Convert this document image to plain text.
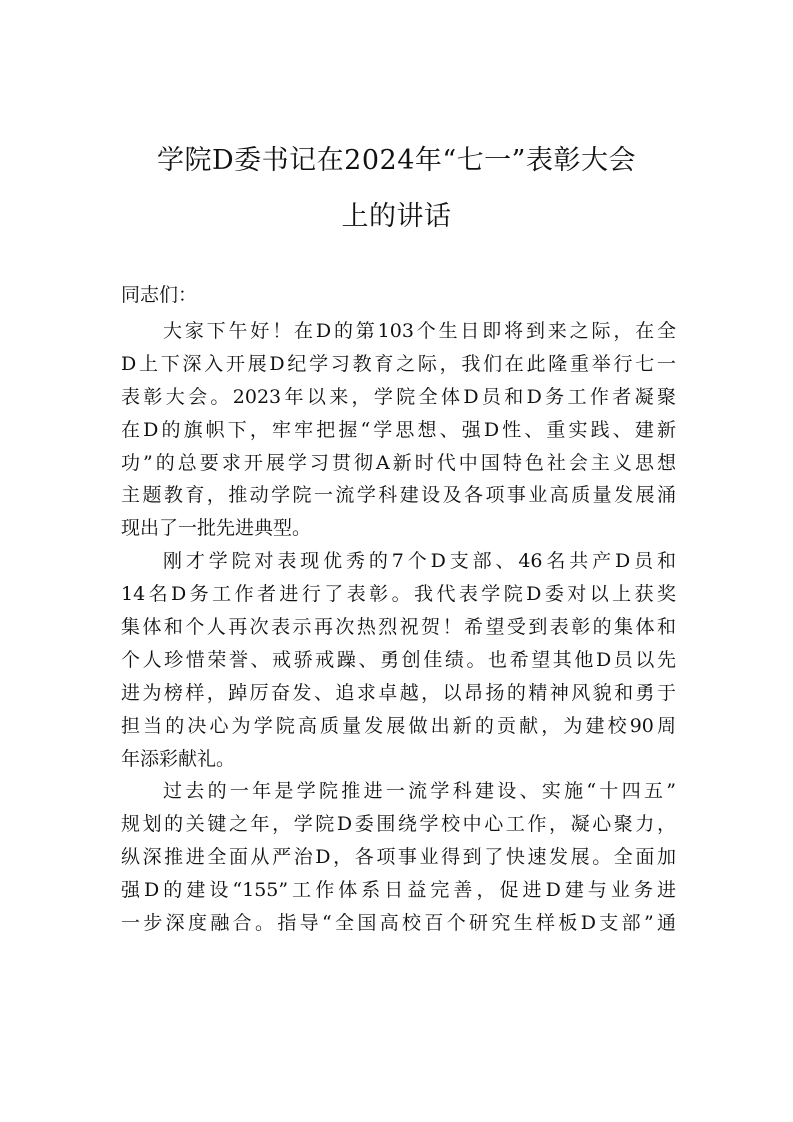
学院D委书记在2024年“七一”表彰大会
上的讲话
同志们：
大家下午好！在D的第103个生日即将到来之际，在全
D上下深入开展D纪学习教育之际，我们在此隆重举行七一
表彰大会。2023年以来，学院全体D员和D务工作者凝聚
在D的旗帜下，牢牢把握“学思想、强D性、重实践、建新
功”的总要求开展学习贯彻A新时代中国特色社会主义思想
主题教育，推动学院一流学科建设及各项事业高质量发展涌
现出了一批先进典型。
刚才学院对表现优秀的7个D支部、46名共产D员和
14名D务工作者进行了表彰。我代表学院D委对以上获奖
集体和个人再次表示再次热烈祝贺！希望受到表彰的集体和
个人珍惜荣誉、戒骄戒躁、勇创佳绩。也希望其他D员以先
进为榜样，踔厉奋发、追求卓越，以昂扬的精神风貌和勇于
担当的决心为学院高质量发展做出新的贡献，为建校90周
年添彩献礼。
过去的一年是学院推进一流学科建设、实施“十四五”
规划的关键之年，学院D委围绕学校中心工作，凝心聚力，
纵深推进全面从严治D，各项事业得到了快速发展。全面加
强D的建设“155”工作体系日益完善，促进D建与业务进
一步深度融合。指导“全国高校百个研究生样板D支部”通
